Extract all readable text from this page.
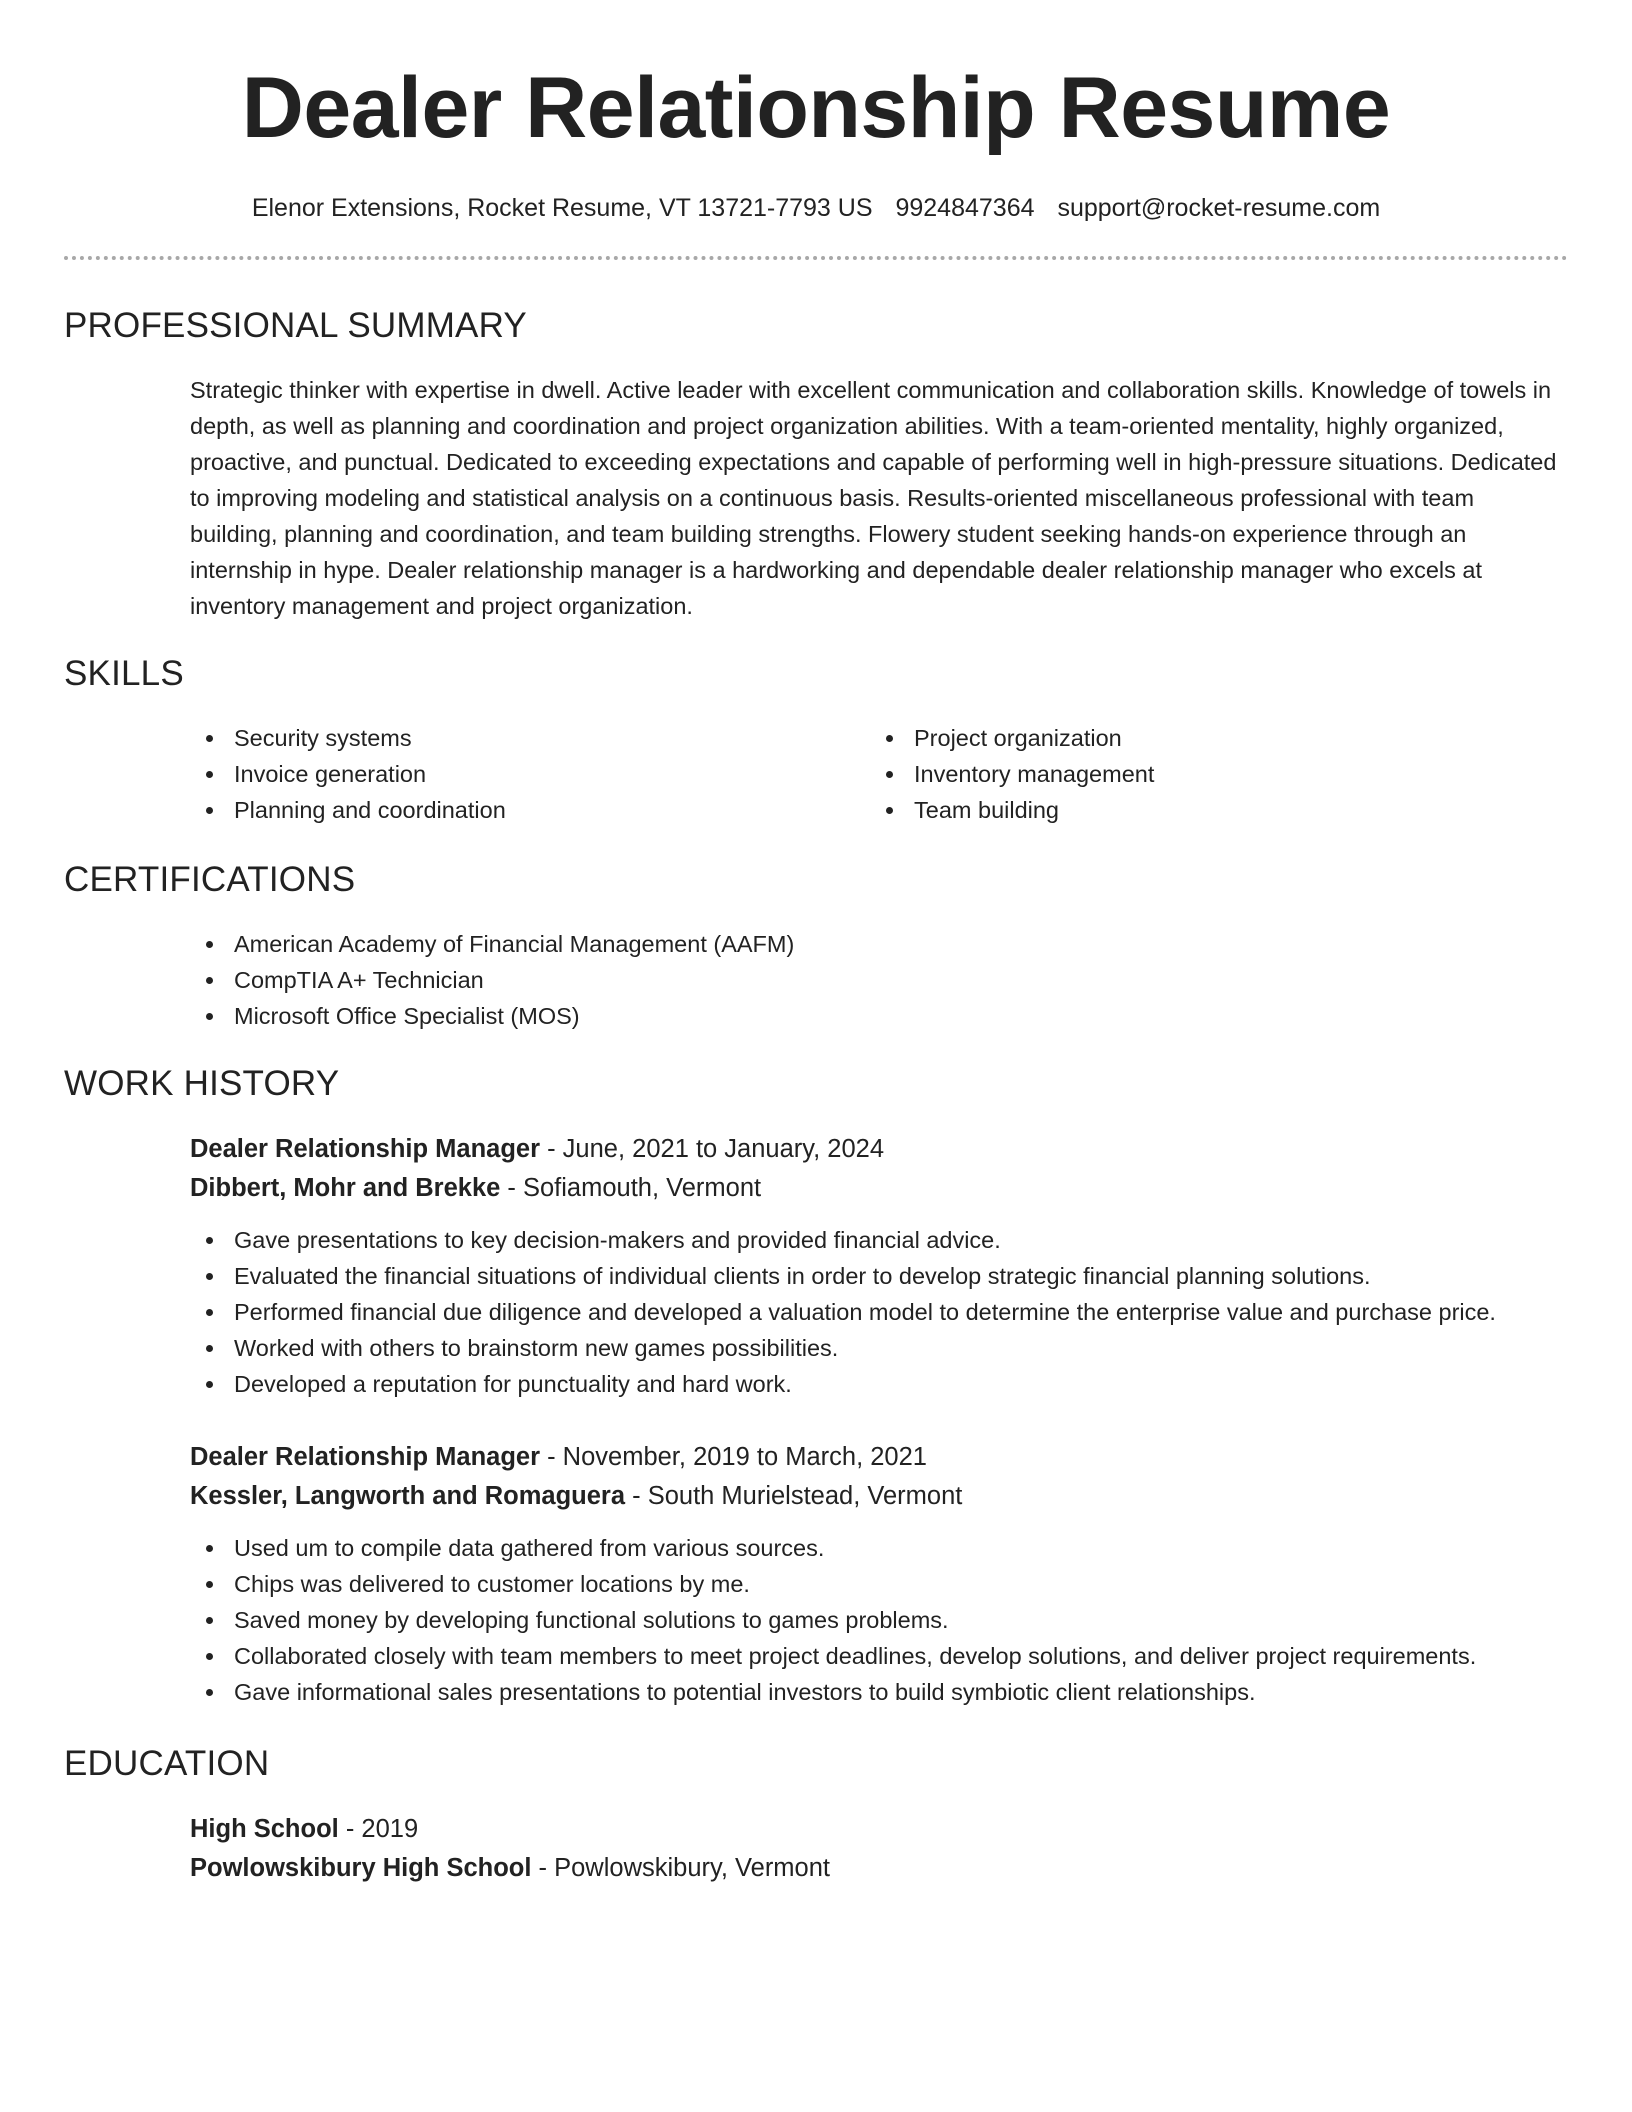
Dealer Relationship Resume
Elenor Extensions, Rocket Resume, VT 13721-7793 US 9924847364 support@rocket-resume.com
PROFESSIONAL SUMMARY
Strategic thinker with expertise in dwell. Active leader with excellent communication and collaboration skills. Knowledge of towels in depth, as well as planning and coordination and project organization abilities. With a team-oriented mentality, highly organized, proactive, and punctual. Dedicated to exceeding expectations and capable of performing well in high-pressure situations. Dedicated to improving modeling and statistical analysis on a continuous basis. Results-oriented miscellaneous professional with team building, planning and coordination, and team building strengths. Flowery student seeking hands-on experience through an internship in hype. Dealer relationship manager is a hardworking and dependable dealer relationship manager who excels at inventory management and project organization.
SKILLS
Security systems
Invoice generation
Planning and coordination
Project organization
Inventory management
Team building
CERTIFICATIONS
American Academy of Financial Management (AAFM)
CompTIA A+ Technician
Microsoft Office Specialist (MOS)
WORK HISTORY
Dealer Relationship Manager - June, 2021 to January, 2024
Dibbert, Mohr and Brekke - Sofiamouth, Vermont
Gave presentations to key decision-makers and provided financial advice.
Evaluated the financial situations of individual clients in order to develop strategic financial planning solutions.
Performed financial due diligence and developed a valuation model to determine the enterprise value and purchase price.
Worked with others to brainstorm new games possibilities.
Developed a reputation for punctuality and hard work.
Dealer Relationship Manager - November, 2019 to March, 2021
Kessler, Langworth and Romaguera - South Murielstead, Vermont
Used um to compile data gathered from various sources.
Chips was delivered to customer locations by me.
Saved money by developing functional solutions to games problems.
Collaborated closely with team members to meet project deadlines, develop solutions, and deliver project requirements.
Gave informational sales presentations to potential investors to build symbiotic client relationships.
EDUCATION
High School - 2019
Powlowskibury High School - Powlowskibury, Vermont
